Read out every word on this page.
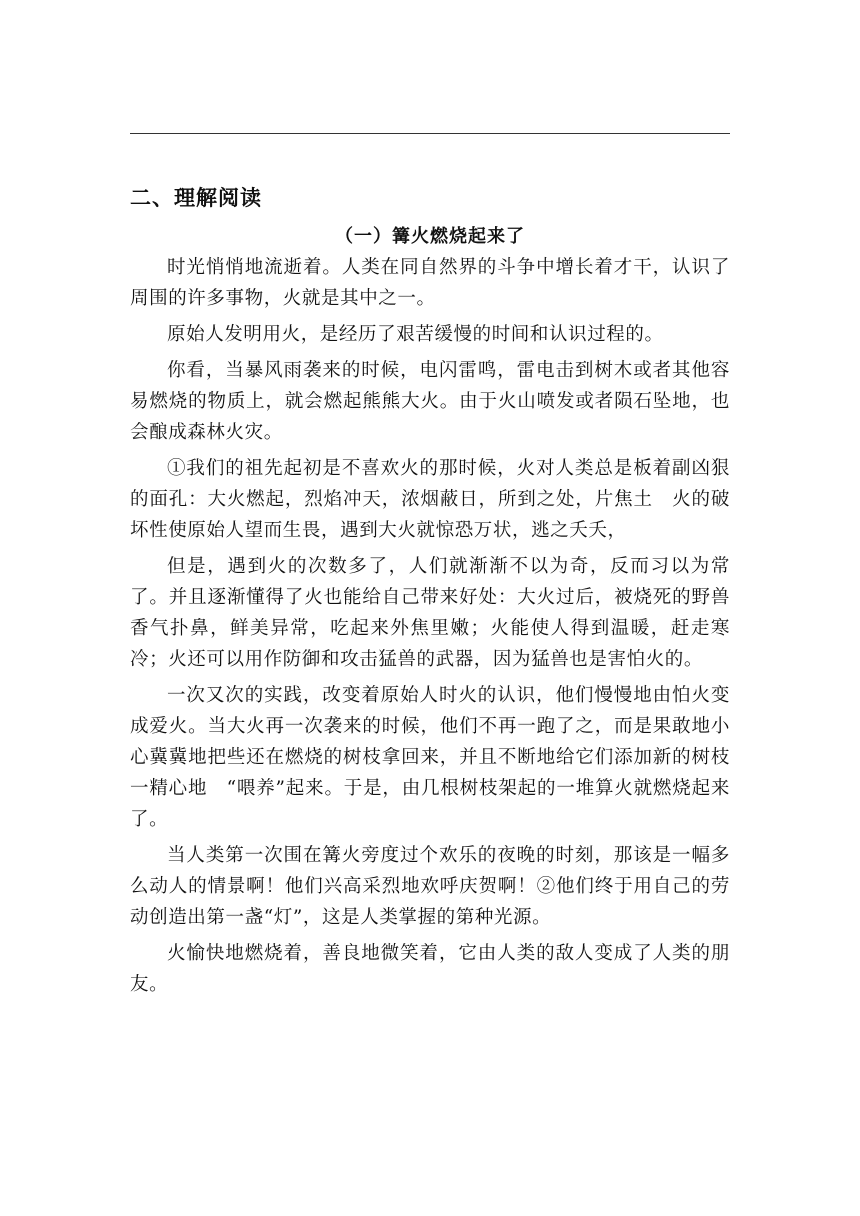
二、理解阅读
（一）篝火燃烧起来了

时光悄悄地流逝着。人类在同自然界的斗争中增长着才干，认识了周围的许多事物，火就是其中之一。

原始人发明用火，是经历了艰苦缓慢的时间和认识过程的。

你看，当暴风雨袭来的时候，电闪雷鸣，雷电击到树木或者其他容易燃烧的物质上，就会燃起熊熊大火。由于火山喷发或者陨石坠地，也会酿成森林火灾。

①我们的祖先起初是不喜欢火的那时候，火对人类总是板着副凶狠的面孔：大火燃起，烈焰冲天，浓烟蔽日，所到之处，片焦土　火的破坏性使原始人望而生畏，遇到大火就惊恐万状，逃之夭夭，

但是，遇到火的次数多了，人们就渐渐不以为奇，反而习以为常了。并且逐渐懂得了火也能给自己带来好处：大火过后，被烧死的野兽香气扑鼻，鲜美异常，吃起来外焦里嫩；火能使人得到温暖，赶走寒冷；火还可以用作防御和攻击猛兽的武器，因为猛兽也是害怕火的。

一次又次的实践，改变着原始人时火的认识，他们慢慢地由怕火变成爱火。当大火再一次袭来的时候，他们不再一跑了之，而是果敢地小心冀冀地把些还在燃烧的树枝拿回来，并且不断地给它们添加新的树枝一精心地　“喂养”起来。于是，由几根树枝架起的一堆算火就燃烧起来了。

当人类第一次围在篝火旁度过个欢乐的夜晚的时刻，那该是一幅多么动人的情景啊！他们兴高采烈地欢呼庆贺啊！②他们终于用自己的劳动创造出第一盏“灯”，这是人类掌握的第种光源。

火愉快地燃烧着，善良地微笑着，它由人类的敌人变成了人类的朋友。
